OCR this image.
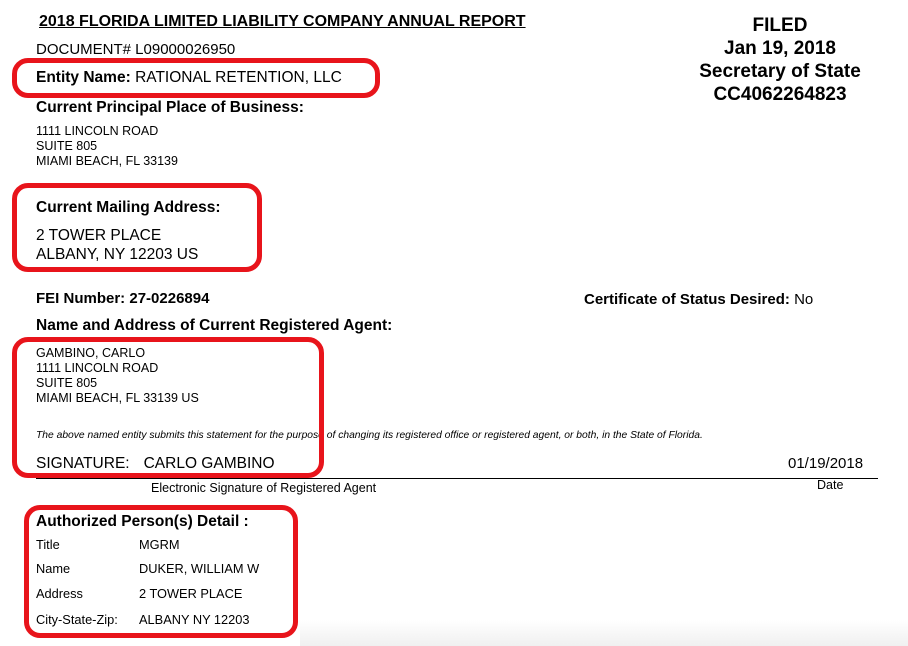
2018 FLORIDA LIMITED LIABILITY COMPANY ANNUAL REPORT	FILED
Jan 19, 2018
Secretary of State
CC4062264823
DOCUMENT# L09000026950
Entity Name: RATIONAL RETENTION, LLC
Current Principal Place of Business:
1111 LINCOLN ROAD
SUITE 805
MIAMI BEACH, FL 33139
Current Mailing Address:
2 TOWER PLACE
ALBANY, NY 12203 US
FEI Number: 27-0226894	Certificate of Status Desired: No
Name and Address of Current Registered Agent:
GAMBINO, CARLO
1111 LINCOLN ROAD
SUITE 805
MIAMI BEACH, FL 33139 US
The above named entity submits this statement for the purpose of changing its registered office or registered agent, or both, in the State of Florida.
SIGNATURE: CARLO GAMBINO	01/19/2018
Electronic Signature of Registered Agent	Date
Authorized Person(s) Detail :
Title	MGRM
Name	DUKER, WILLIAM W
Address	2 TOWER PLACE
City-State-Zip: ALBANY NY 12203
